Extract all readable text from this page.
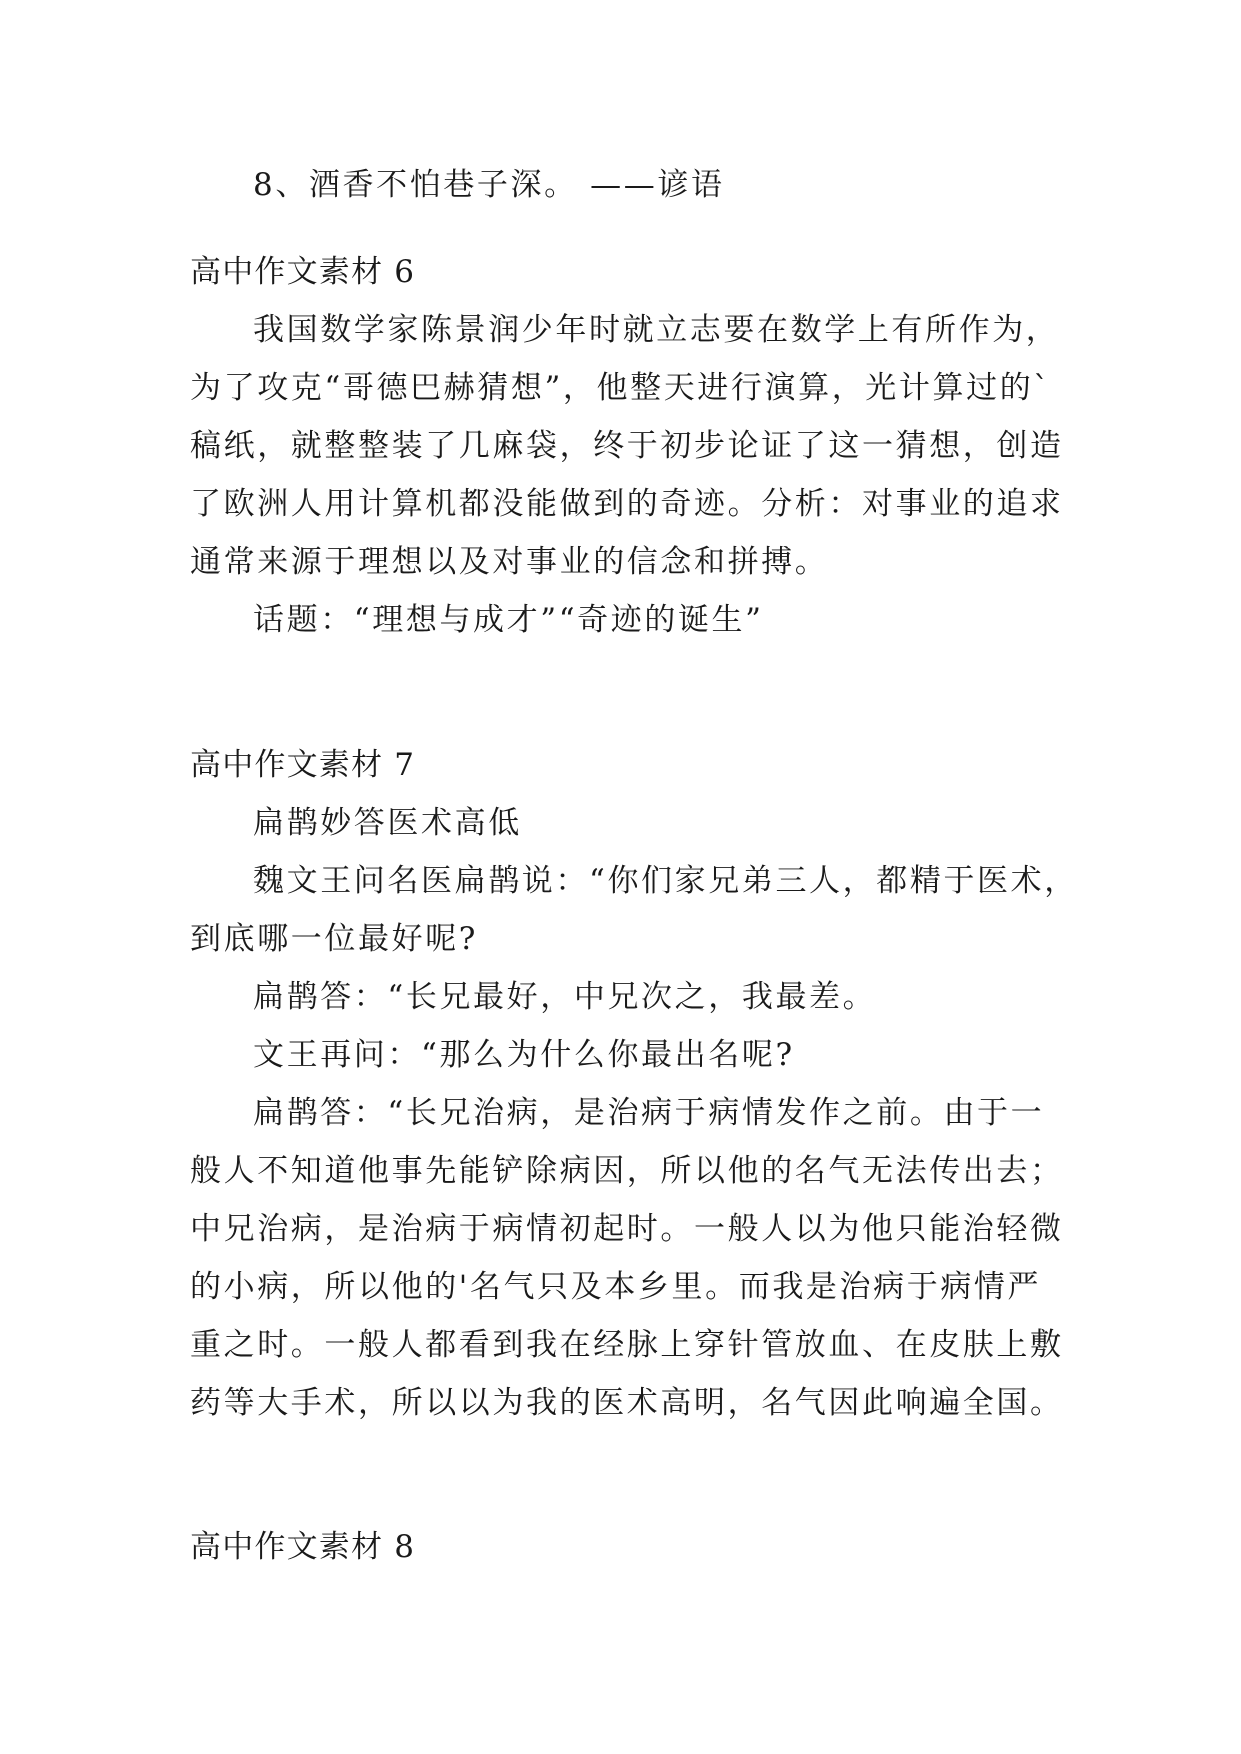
8、酒香不怕巷子深。 ——谚语
高中作文素材 6
我国数学家陈景润少年时就立志要在数学上有所作为，
为了攻克“哥德巴赫猜想”，他整天进行演算，光计算过的`
稿纸，就整整装了几麻袋，终于初步论证了这一猜想，创造
了欧洲人用计算机都没能做到的奇迹。分析：对事业的追求
通常来源于理想以及对事业的信念和拼搏。
话题：“理想与成才”“奇迹的诞生”
高中作文素材 7
扁鹊妙答医术高低
魏文王问名医扁鹊说：“你们家兄弟三人，都精于医术，
到底哪一位最好呢?
扁鹊答：“长兄最好，中兄次之，我最差。
文王再问：“那么为什么你最出名呢?
扁鹊答：“长兄治病，是治病于病情发作之前。由于一
般人不知道他事先能铲除病因，所以他的名气无法传出去；
中兄治病，是治病于病情初起时。一般人以为他只能治轻微
的小病，所以他的'名气只及本乡里。而我是治病于病情严
重之时。一般人都看到我在经脉上穿针管放血、在皮肤上敷
药等大手术，所以以为我的医术高明，名气因此响遍全国。
高中作文素材 8
